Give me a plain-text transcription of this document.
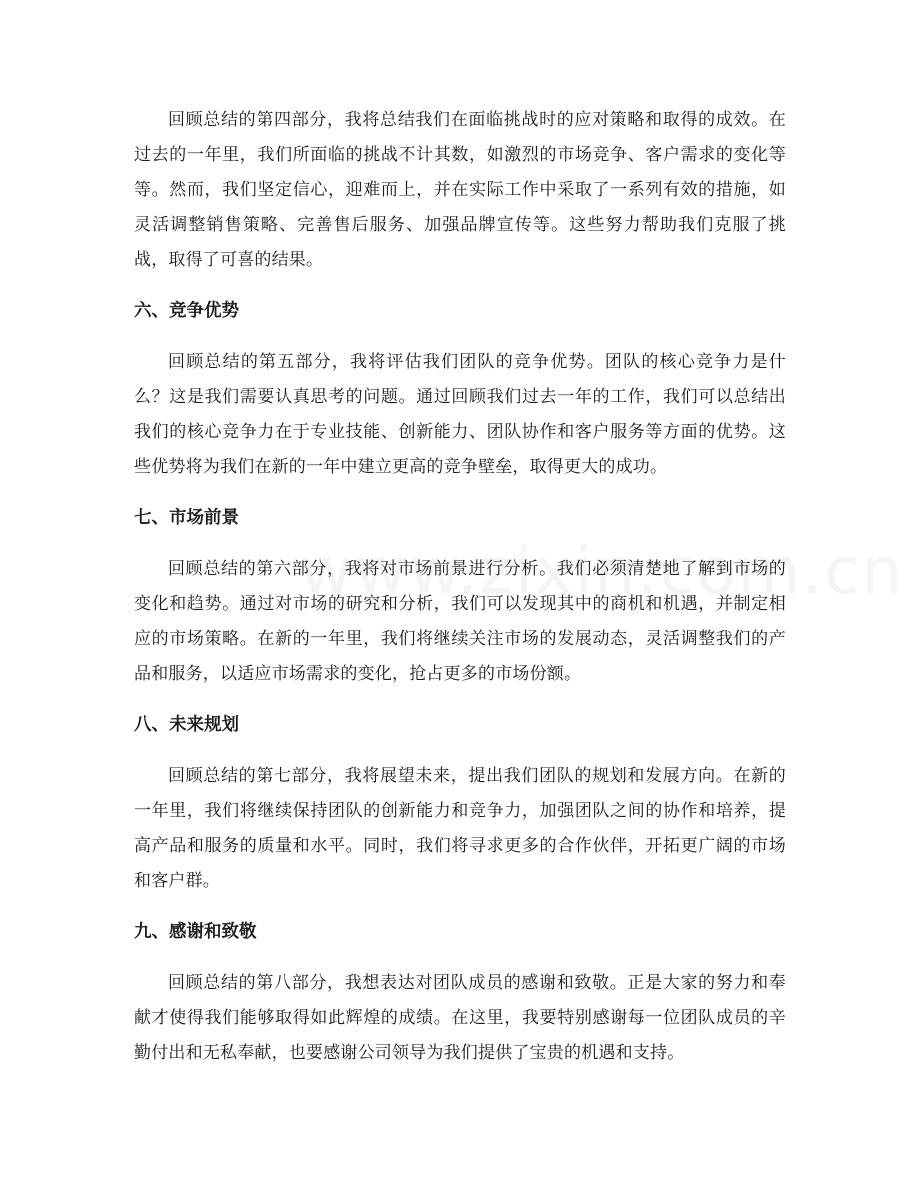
回顾总结的第四部分，我将总结我们在面临挑战时的应对策略和取得的成效。在过去的一年里，我们所面临的挑战不计其数，如激烈的市场竞争、客户需求的变化等等。然而，我们坚定信心，迎难而上，并在实际工作中采取了一系列有效的措施，如灵活调整销售策略、完善售后服务、加强品牌宣传等。这些努力帮助我们克服了挑战，取得了可喜的结果。

六、竞争优势

回顾总结的第五部分，我将评估我们团队的竞争优势。团队的核心竞争力是什么？这是我们需要认真思考的问题。通过回顾我们过去一年的工作，我们可以总结出我们的核心竞争力在于专业技能、创新能力、团队协作和客户服务等方面的优势。这些优势将为我们在新的一年中建立更高的竞争壁垒，取得更大的成功。

七、市场前景

回顾总结的第六部分，我将对市场前景进行分析。我们必须清楚地了解到市场的变化和趋势。通过对市场的研究和分析，我们可以发现其中的商机和机遇，并制定相应的市场策略。在新的一年里，我们将继续关注市场的发展动态，灵活调整我们的产品和服务，以适应市场需求的变化，抢占更多的市场份额。

八、未来规划

回顾总结的第七部分，我将展望未来，提出我们团队的规划和发展方向。在新的一年里，我们将继续保持团队的创新能力和竞争力，加强团队之间的协作和培养，提高产品和服务的质量和水平。同时，我们将寻求更多的合作伙伴，开拓更广阔的市场和客户群。

九、感谢和致敬

回顾总结的第八部分，我想表达对团队成员的感谢和致敬。正是大家的努力和奉献才使得我们能够取得如此辉煌的成绩。在这里，我要特别感谢每一位团队成员的辛勤付出和无私奉献，也要感谢公司领导为我们提供了宝贵的机遇和支持。
